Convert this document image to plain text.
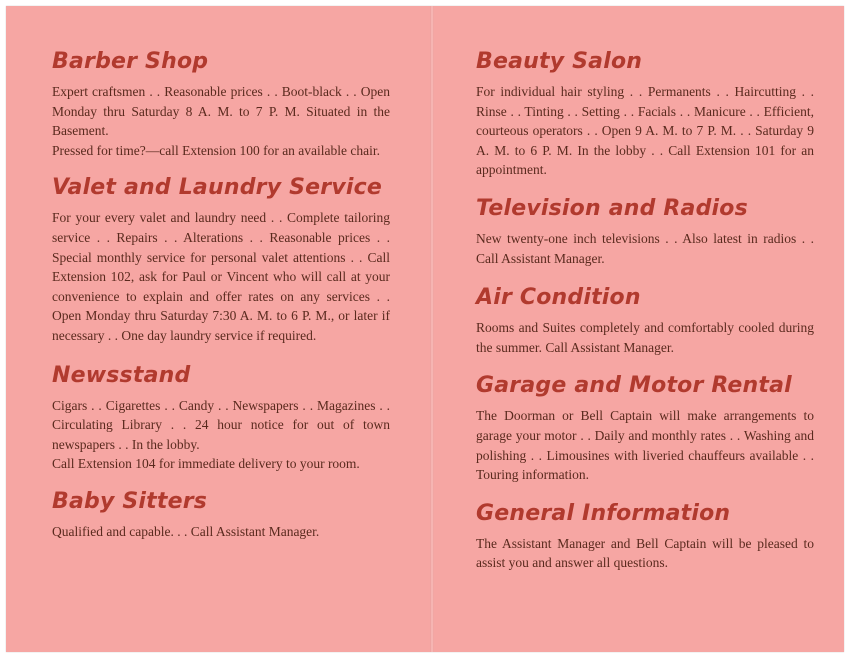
Barber Shop

Expert craftsmen . . Reasonable prices . . Boot-black . . Open Monday thru Saturday 8 A. M. to 7 P. M. Situated in the Basement.

Pressed for time?—call Extension 100 for an available chair.

Valet and Laundry Service

For your every valet and laundry need . . Complete tailoring service . . Repairs . . Alterations . . Reasonable prices . . Special monthly service for personal valet attentions . . Call Extension 102, ask for Paul or Vincent who will call at your convenience to explain and offer rates on any services . . Open Monday thru Saturday 7:30 A. M. to 6 P. M., or later if necessary . . One day laundry service if required.

Newsstand

Cigars . . Cigarettes . . Candy . . Newspapers . . Magazines . . Circulating Library . . 24 hour notice for out of town newspapers . . In the lobby.

Call Extension 104 for immediate delivery to your room.

Baby Sitters

Qualified and capable. . . Call Assistant Manager.

Beauty Salon

For individual hair styling . . Permanents . . Haircutting . . Rinse . . Tinting . . Setting . . Facials . . Manicure . . Efficient, courteous operators . . Open 9 A. M. to 7 P. M. . . Saturday 9 A. M. to 6 P. M. In the lobby . . Call Extension 101 for an appointment.

Television and Radios

New twenty-one inch televisions . . Also latest in radios . . Call Assistant Manager.

Air Condition

Rooms and Suites completely and comfortably cooled during the summer. Call Assistant Manager.

Garage and Motor Rental

The Doorman or Bell Captain will make arrangements to garage your motor . . Daily and monthly rates . . Washing and polishing . . Limousines with liveried chauffeurs available . . Touring information.

General Information

The Assistant Manager and Bell Captain will be pleased to assist you and answer all questions.
